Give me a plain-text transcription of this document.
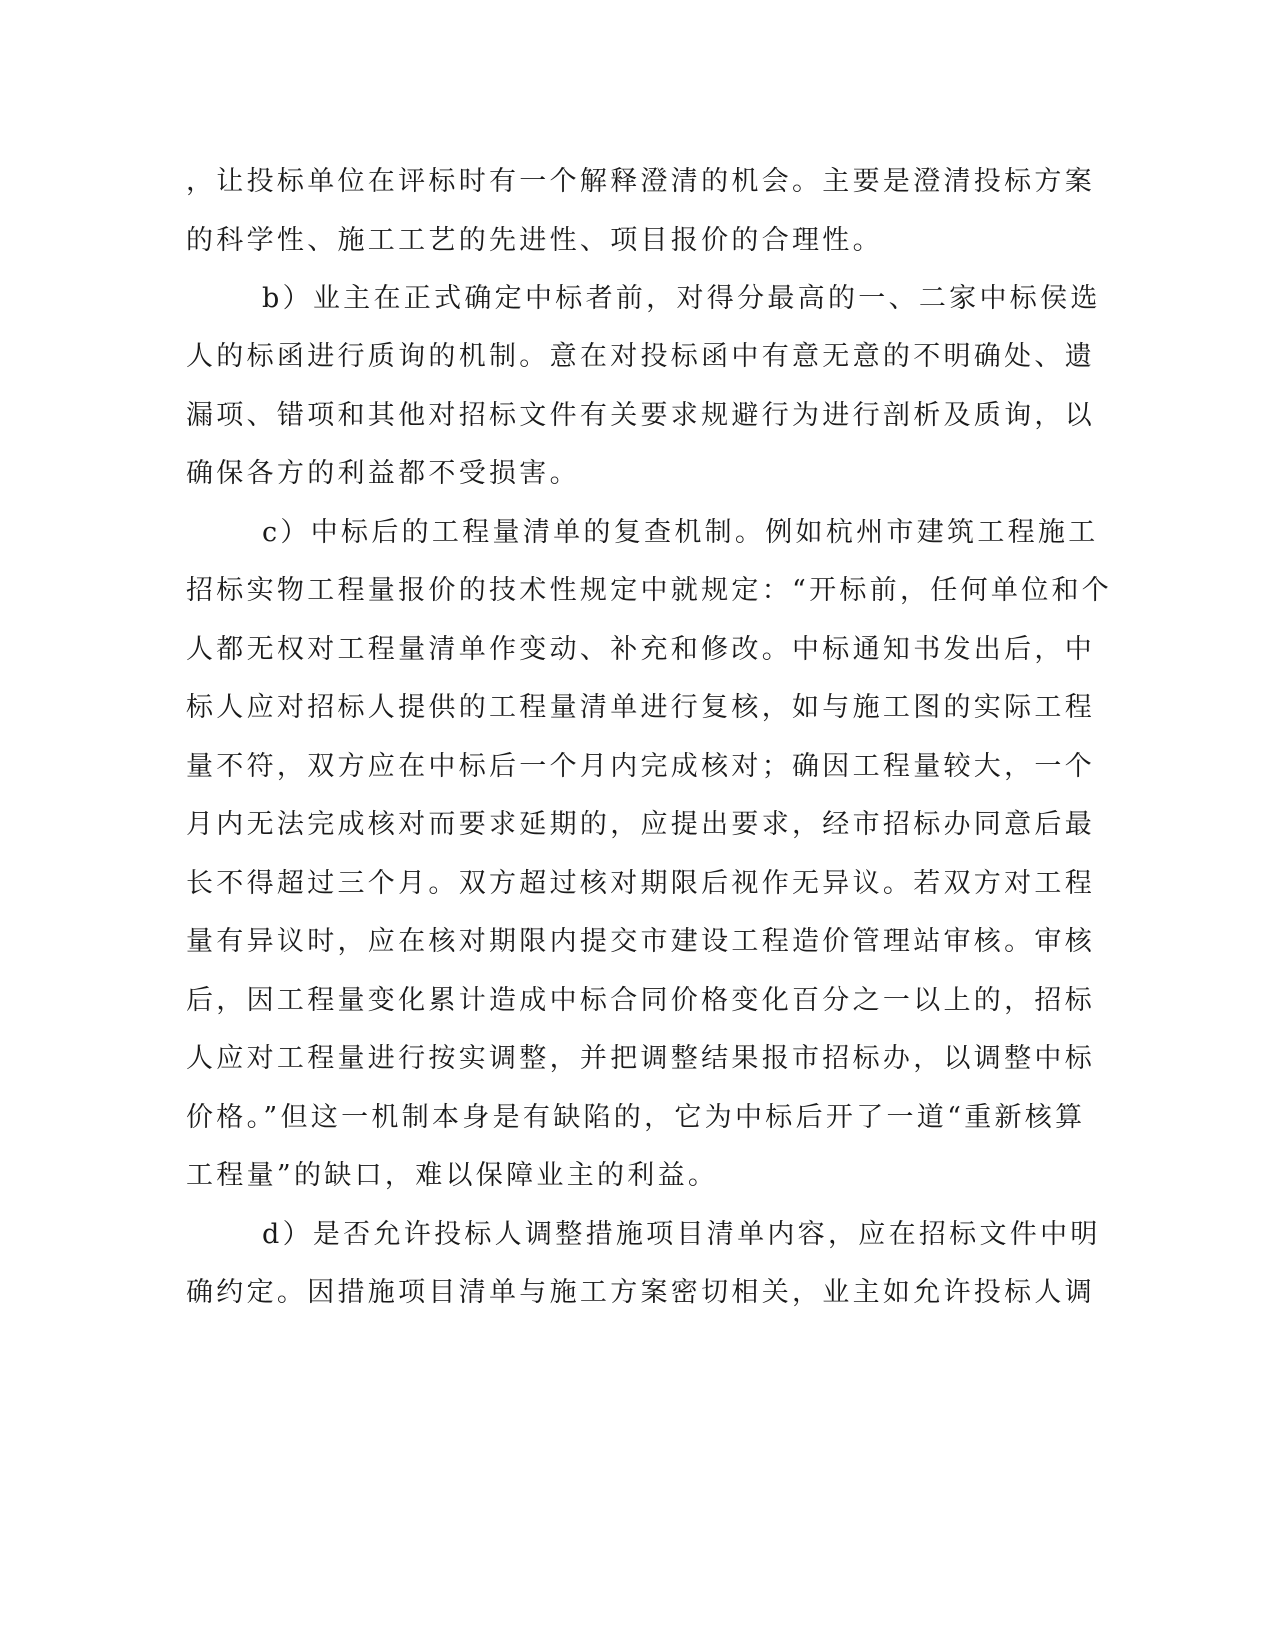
，让投标单位在评标时有一个解释澄清的机会。主要是澄清投标方案
的科学性、施工工艺的先进性、项目报价的合理性。
b）业主在正式确定中标者前，对得分最高的一、二家中标侯选
人的标函进行质询的机制。意在对投标函中有意无意的不明确处、遗
漏项、错项和其他对招标文件有关要求规避行为进行剖析及质询，以
确保各方的利益都不受损害。
c）中标后的工程量清单的复查机制。例如杭州市建筑工程施工
招标实物工程量报价的技术性规定中就规定：“开标前，任何单位和个
人都无权对工程量清单作变动、补充和修改。中标通知书发出后，中
标人应对招标人提供的工程量清单进行复核，如与施工图的实际工程
量不符，双方应在中标后一个月内完成核对；确因工程量较大，一个
月内无法完成核对而要求延期的，应提出要求，经市招标办同意后最
长不得超过三个月。双方超过核对期限后视作无异议。若双方对工程
量有异议时，应在核对期限内提交市建设工程造价管理站审核。审核
后，因工程量变化累计造成中标合同价格变化百分之一以上的，招标
人应对工程量进行按实调整，并把调整结果报市招标办，以调整中标
价格。”但这一机制本身是有缺陷的，它为中标后开了一道“重新核算
工程量”的缺口，难以保障业主的利益。
d）是否允许投标人调整措施项目清单内容，应在招标文件中明
确约定。因措施项目清单与施工方案密切相关，业主如允许投标人调
